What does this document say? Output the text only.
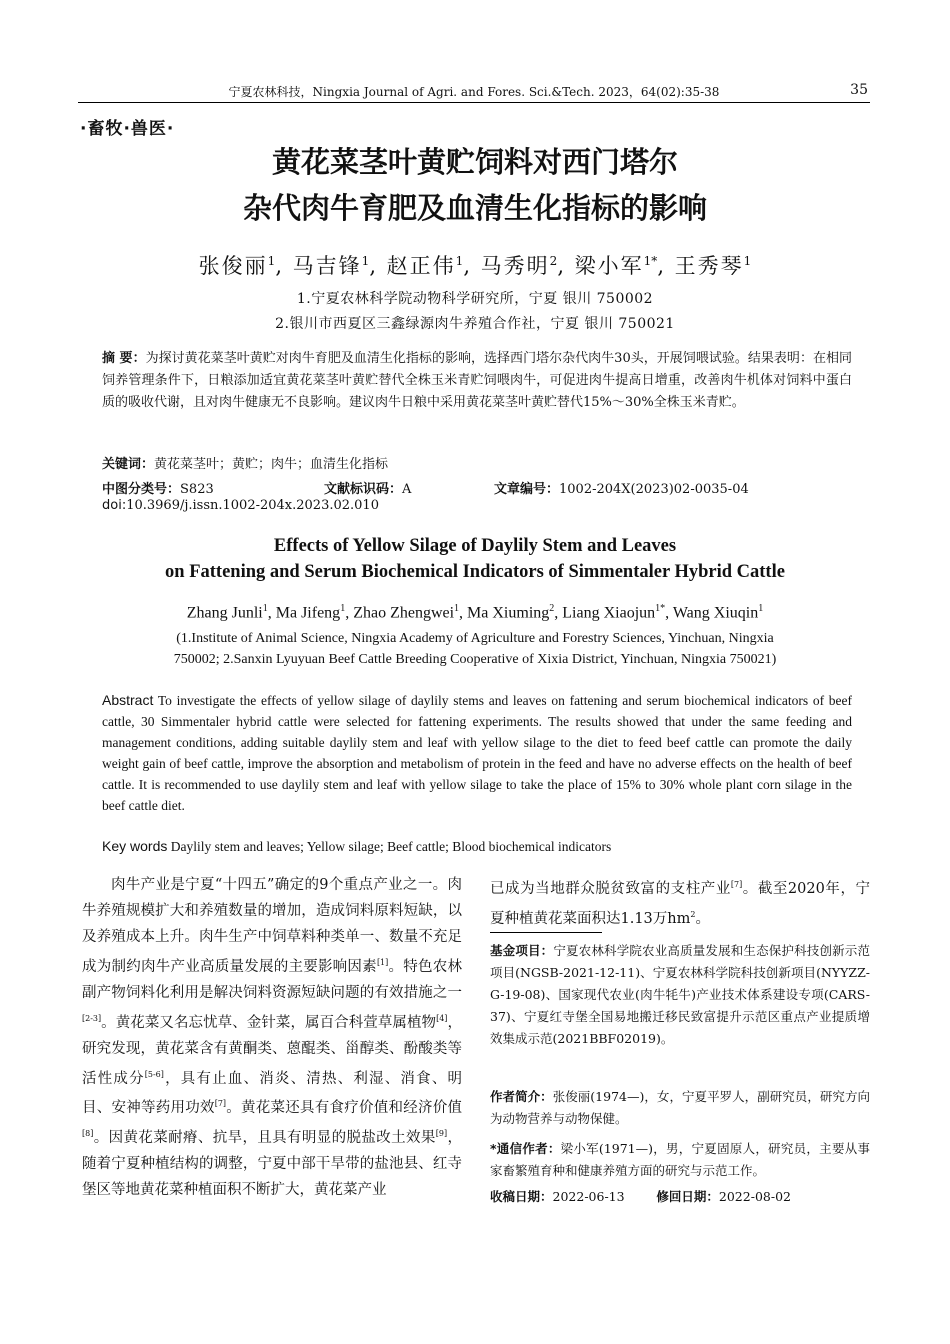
宁夏农林科技，Ningxia Journal of Agri. and Fores. Sci.&Tech. 2023，64(02):35-38	35
·畜牧·兽医·
黄花菜茎叶黄贮饲料对西门塔尔
杂代肉牛育肥及血清生化指标的影响
张俊丽$^1$, 马吉锋$^1$, 赵正伟$^1$, 马秀明$^2$, 梁小军$^{1*}$, 王秀琴$^1$
1.宁夏农林科学院动物科学研究所，宁夏 银川 750002
2.银川市西夏区三鑫绿源肉牛养殖合作社，宁夏 银川 750021
摘 要：为探讨黄花菜茎叶黄贮对肉牛育肥及血清生化指标的影响，选择西门塔尔杂代肉牛30头，开展饲喂试验。结果表明：在相同饲养管理条件下，日粮添加适宜黄花菜茎叶黄贮替代全株玉米青贮饲喂肉牛，可促进肉牛提高日增重，改善肉牛机体对饲料中蛋白质的吸收代谢，且对肉牛健康无不良影响。建议肉牛日粮中采用黄花菜茎叶黄贮替代15%～30%全株玉米青贮。
关键词：黄花菜茎叶；黄贮；肉牛；血清生化指标
中图分类号：S823	文献标识码：A	文章编号：1002-204X(2023)02-0035-04
doi:10.3969/j.issn.1002-204x.2023.02.010
Effects of Yellow Silage of Daylily Stem and Leaves
on Fattening and Serum Biochemical Indicators of Simmentaler Hybrid Cattle
Zhang Junli$^1$, Ma Jifeng$^1$, Zhao Zhengwei$^1$, Ma Xiuming$^2$, Liang Xiaojun$^{1*}$, Wang Xiuqin$^1$
(1.Institute of Animal Science, Ningxia Academy of Agriculture and Forestry Sciences, Yinchuan, Ningxia
750002; 2.Sanxin Lyuyuan Beef Cattle Breeding Cooperative of Xixia District, Yinchuan, Ningxia 750021)
Abstract To investigate the effects of yellow silage of daylily stems and leaves on fattening and serum biochemical indicators of beef cattle, 30 Simmentaler hybrid cattle were selected for fattening experiments. The results showed that under the same feeding and management conditions, adding suitable daylily stem and leaf with yellow silage to the diet to feed beef cattle can promote the daily weight gain of beef cattle, improve the absorption and metabolism of protein in the feed and have no adverse effects on the health of beef cattle. It is recommended to use daylily stem and leaf with yellow silage to take the place of 15% to 30% whole plant corn silage in the beef cattle diet.
Key words Daylily stem and leaves; Yellow silage; Beef cattle; Blood biochemical indicators
肉牛产业是宁夏“十四五”确定的9个重点产业之一。肉牛养殖规模扩大和养殖数量的增加，造成饲料原料短缺，以及养殖成本上升。肉牛生产中饲草料种类单一、数量不充足成为制约肉牛产业高质量发展的主要影响因素[1]。特色农林副产物饲料化利用是解决饲料资源短缺问题的有效措施之一[2-3]。黄花菜又名忘忧草、金针菜，属百合科萱草属植物[4]，研究发现，黄花菜含有黄酮类、蒽醌类、甾醇类、酚酸类等活性成分[5-6]，具有止血、消炎、清热、利湿、消食、明目、安神等药用功效[7]。黄花菜还具有食疗价值和经济价值[8]。因黄花菜耐瘠、抗旱，且具有明显的脱盐改土效果[9]，随着宁夏种植结构的调整，宁夏中部干旱带的盐池县、红寺堡区等地黄花菜种植面积不断扩大，黄花菜产业
已成为当地群众脱贫致富的支柱产业[7]。截至2020年，宁夏种植黄花菜面积达1.13万$hm^2$。
基金项目：宁夏农林科学院农业高质量发展和生态保护科技创新示范项目(NGSB-2021-12-11)、宁夏农林科学院科技创新项目(NYYZZ-G-19-08)、国家现代农业(肉牛牦牛)产业技术体系建设专项(CARS-37)、宁夏红寺堡全国易地搬迁移民致富提升示范区重点产业提质增效集成示范(2021BBF02019)。
作者简介：张俊丽(1974—)，女，宁夏平罗人，副研究员，研究方向为动物营养与动物保健。
*通信作者：梁小军(1971—)，男，宁夏固原人，研究员，主要从事家畜繁殖育种和健康养殖方面的研究与示范工作。
收稿日期：2022-06-13	修回日期：2022-08-02
